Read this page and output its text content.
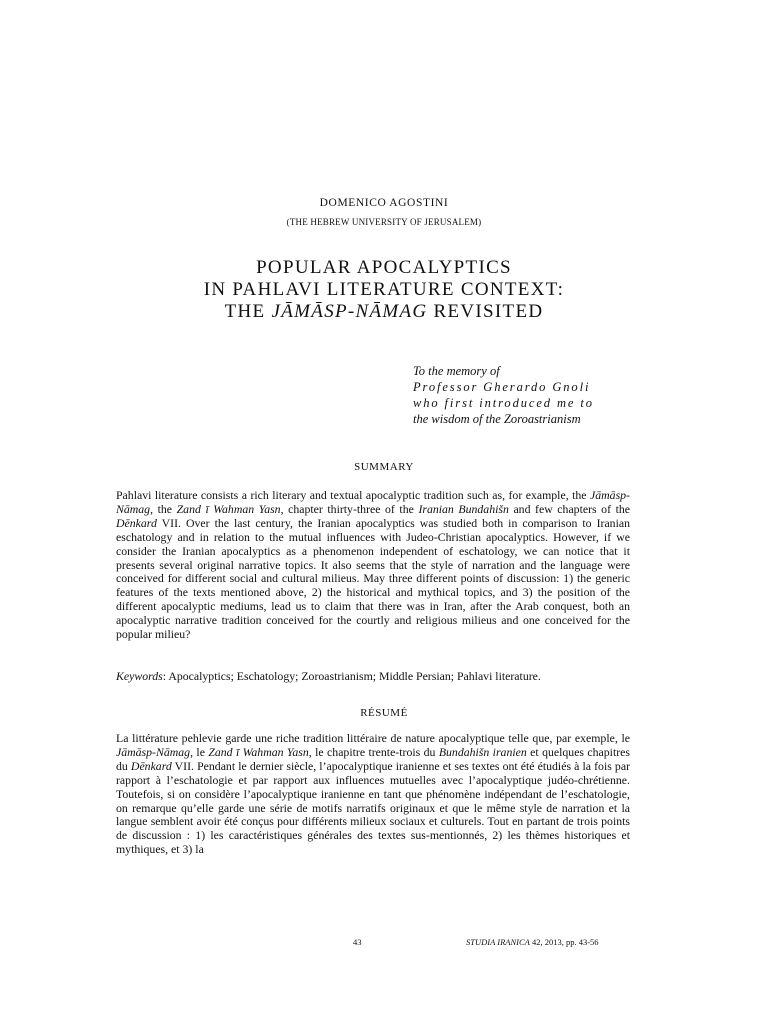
DOMENICO AGOSTINI
(THE HEBREW UNIVERSITY OF JERUSALEM)
POPULAR APOCALYPTICS
IN PAHLAVI LITERATURE CONTEXT:
THE JĀMĀSP-NĀMAG REVISITED
To the memory of
Professor Gherardo Gnoli
who first introduced me to
the wisdom of the Zoroastrianism
SUMMARY
Pahlavi literature consists a rich literary and textual apocalyptic tradition such as, for example, the Jāmāsp-Nāmag, the Zand ī Wahman Yasn, chapter thirty-three of the Iranian Bundahišn and few chapters of the Dēnkard VII. Over the last century, the Iranian apocalyptics was studied both in comparison to Iranian eschatology and in relation to the mutual influences with Judeo-Christian apocalyptics. However, if we consider the Iranian apocalyptics as a phenomenon independent of eschatology, we can notice that it presents several original narrative topics. It also seems that the style of narration and the language were conceived for different social and cultural milieus. May three different points of discussion: 1) the generic features of the texts mentioned above, 2) the historical and mythical topics, and 3) the position of the different apocalyptic mediums, lead us to claim that there was in Iran, after the Arab conquest, both an apocalyptic narrative tradition conceived for the courtly and religious milieus and one conceived for the popular milieu?
Keywords: Apocalyptics; Eschatology; Zoroastrianism; Middle Persian; Pahlavi literature.
RÉSUMÉ
La littérature pehlevie garde une riche tradition littéraire de nature apocalyptique telle que, par exemple, le Jāmāsp-Nāmag, le Zand ī Wahman Yasn, le chapitre trente-trois du Bundahišn iranien et quelques chapitres du Dēnkard VII. Pendant le dernier siècle, l’apocalyptique iranienne et ses textes ont été étudiés à la fois par rapport à l’eschatologie et par rapport aux influences mutuelles avec l’apocalyptique judéo-chrétienne. Toutefois, si on considère l’apocalyptique iranienne en tant que phénomène indépendant de l’eschatologie, on remarque qu’elle garde une série de motifs narratifs originaux et que le même style de narration et la langue semblent avoir été conçus pour différents milieux sociaux et culturels. Tout en partant de trois points de discussion : 1) les caractéristiques générales des textes sus-mentionnés, 2) les thèmes historiques et mythiques, et 3) la
43	STUDIA IRANICA 42, 2013, pp. 43-56
